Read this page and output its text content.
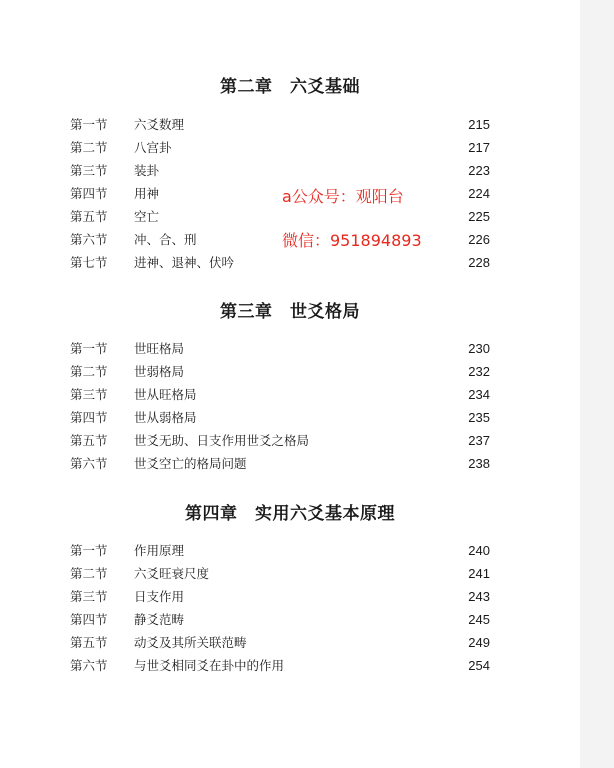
第二章　六爻基础
第一节 六爻数理	215
第二节 八宫卦	217
第三节 装卦	223
第四节 用神	224
第五节 空亡	225
第六节 冲、合、刑	226
第七节 进神、退神、伏吟	228
第三章　世爻格局
第一节 世旺格局	230
第二节 世弱格局	232
第三节 世从旺格局	234
第四节 世从弱格局	235
第五节 世爻无助、日支作用世爻之格局	237
第六节 世爻空亡的格局问题	238
第四章　实用六爻基本原理
第一节 作用原理	240
第二节 六爻旺衰尺度	241
第三节 日支作用	243
第四节 静爻范畴	245
第五节 动爻及其所关联范畴	249
第六节 与世爻相同爻在卦中的作用	254
a公众号：观阳台
微信：951894893
